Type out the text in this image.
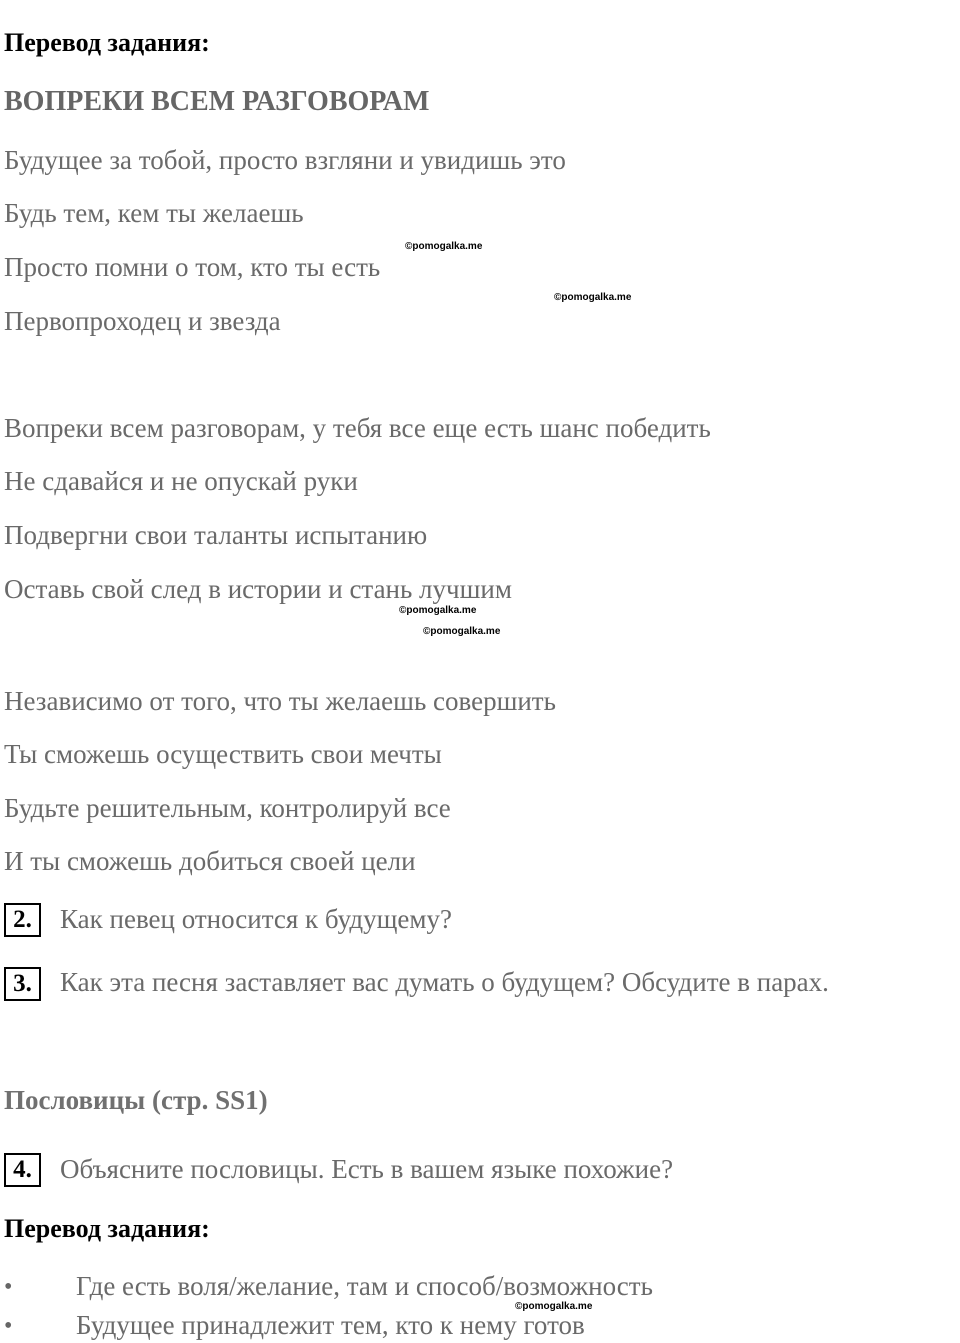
Перевод задания:
ВОПРЕКИ ВСЕМ РАЗГОВОРАМ
Будущее за тобой, просто взгляни и увидишь это
Будь тем, кем ты желаешь
Просто помни о том, кто ты есть
Первопроходец и звезда
Вопреки всем разговорам, у тебя все еще есть шанс победить
Не сдавайся и не опускай руки
Подвергни свои таланты испытанию
Оставь свой след в истории и стань лучшим
Независимо от того, что ты желаешь совершить
Ты сможешь осуществить свои мечты
Будьте решительным, контролируй все
И ты сможешь добиться своей цели
2.	Как певец относится к будущему?
3.	Как эта песня заставляет вас думать о будущем? Обсудите в парах.
Пословицы (стр. SS1)
4.	Объясните пословицы. Есть в вашем языке похожие?
Перевод задания:
• Где есть воля/желание, там и способ/возможность
• Будущее принадлежит тем, кто к нему готов
©pomogalka.me
©pomogalka.me
©pomogalka.me
©pomogalka.me
©pomogalka.me
